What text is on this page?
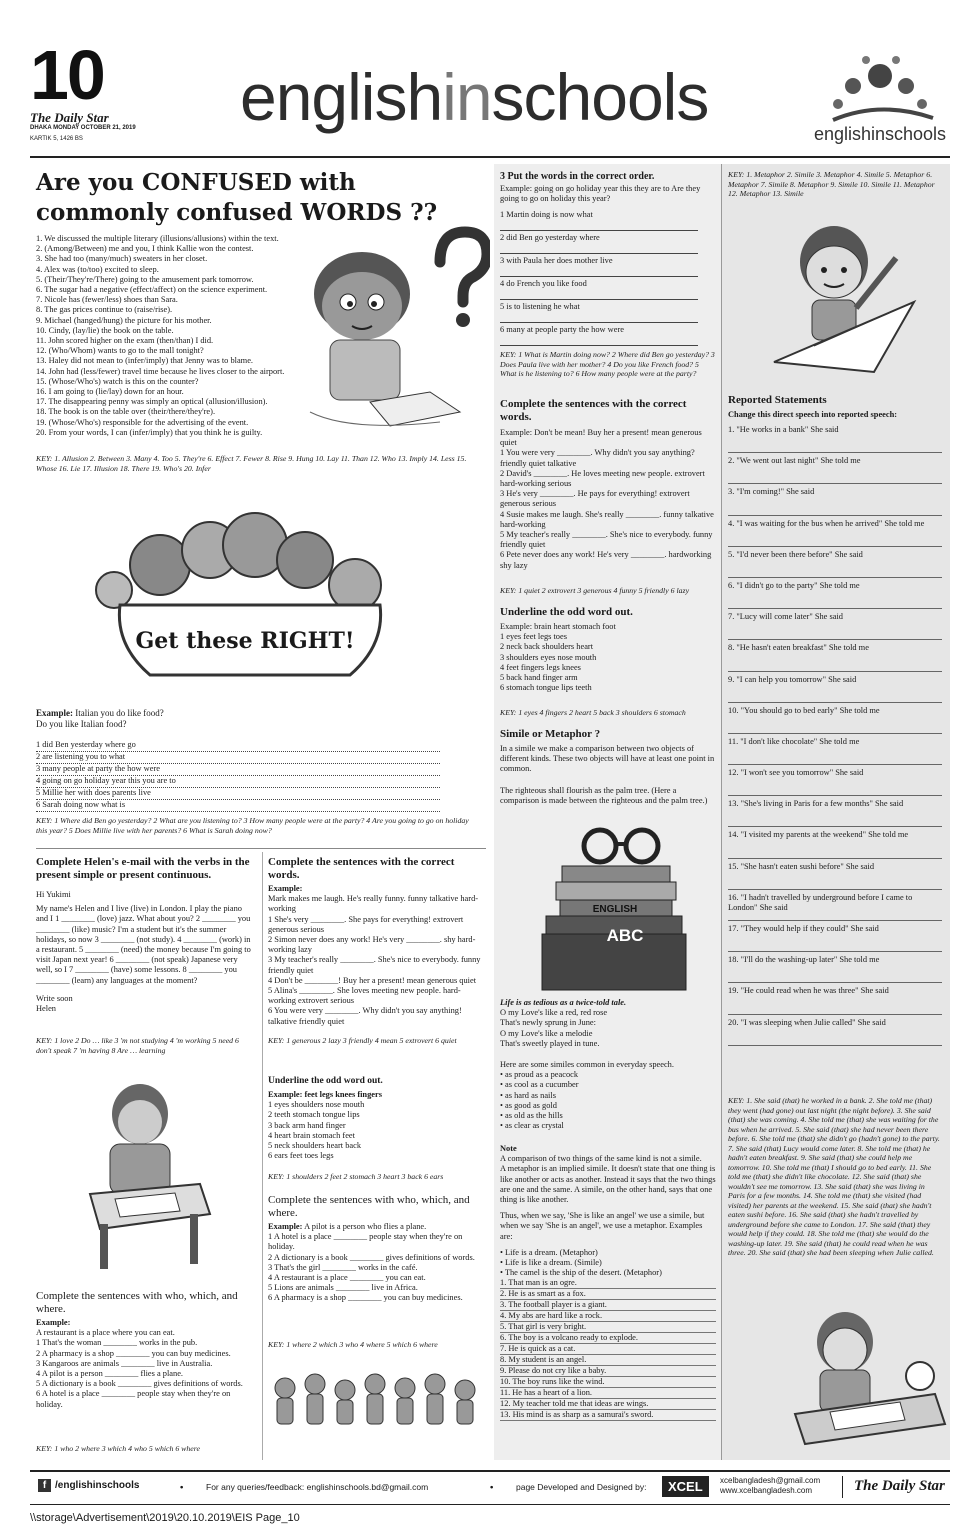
10
The Daily Star
DHAKA MONDAY OCTOBER 21, 2019
KARTIK 5, 1426 BS
englishinschools	englishinschools
Are you CONFUSED with
commonly confused WORDS ??
1. We discussed the multiple literary (illusions/allusions) within the text.
2. (Among/Between) me and you, I think Kallie won the contest.
3. She had too (many/much) sweaters in her closet.
4. Alex was (to/too) excited to sleep.
5. (Their/They're/There) going to the amusement park tomorrow.
6. The sugar had a negative (effect/affect) on the science experiment.
7. Nicole has (fewer/less) shoes than Sara.
8. The gas prices continue to (raise/rise).
9. Michael (hanged/hung) the picture for his mother.
10. Cindy, (lay/lie) the book on the table.
11. John scored higher on the exam (then/than) I did.
12. (Who/Whom) wants to go to the mall tonight?
13. Haley did not mean to (infer/imply) that Jenny was to blame.
14. John had (less/fewer) travel time because he lives closer to the airport.
15. (Whose/Who's) watch is this on the counter?
16. I am going to (lie/lay) down for an hour.
17. The disappearing penny was simply an optical (allusion/illusion).
18. The book is on the table over (their/there/they're).
19. (Whose/Who's) responsible for the advertising of the event.
20. From your words, I can (infer/imply) that you think he is guilty.
KEY: 1. Allusion 2. Between 3. Many 4. Too 5. They're 6. Effect 7. Fewer 8. Rise 9. Hung 10. Lay 11. Than 12. Who 13. Imply 14. Less 15. Whose 16. Lie 17. Illusion 18. There 19. Who's 20. Infer
Get these RIGHT!
Example: Italian you do like food?
Do you like Italian food?
1 did Ben yesterday where go
2 are listening you to what
3 many people at party the how were
4 going on go holiday year this you are to
5 Millie her with does parents live
6 Sarah doing now what is
KEY: 1 Where did Ben go yesterday? 2 What are you listening to? 3 How many people were at the party? 4 Are you going to go on holiday this year? 5 Does Millie live with her parents? 6 What is Sarah doing now?
Complete Helen's e-mail with the verbs in the present simple or present continuous.
Hi Yukimi
My name's Helen and I live (live) in London. I play the piano and I 1 ________ (love) jazz. What about you? 2 ________ you ________ (like) music? I'm a student but it's the summer holidays, so now 3 ________ (not study). 4 ________ (work) in a restaurant. 5 ________ (need) the money because I'm going to visit Japan next year! 6 ________ (not speak) Japanese very well, so I 7 ________ (have) some lessons. 8 ________ you ________ (learn) any languages at the moment?
Write soon
Helen
KEY: 1 love 2 Do … like 3 'm not studying 4 'm working 5 need 6 don't speak 7 'm having 8 Are … learning
Complete the sentences with who, which, and where.
Example:
A restaurant is a place where you can eat.
1 That's the woman ________ works in the pub.
2 A pharmacy is a shop ________ you can buy medicines.
3 Kangaroos are animals ________ live in Australia.
4 A pilot is a person ________ flies a plane.
5 A dictionary is a book ________ gives definitions of words.
6 A hotel is a place ________ people stay when they're on holiday.
KEY: 1 who 2 where 3 which 4 who 5 which 6 where
Complete the sentences with the correct words.
Example:
Mark makes me laugh. He's really funny. funny talkative hard-working
1 She's very ________. She pays for everything! extrovert generous serious
2 Simon never does any work! He's very ________. shy hard-working lazy
3 My teacher's really ________. She's nice to everybody. funny friendly quiet
4 Don't be ________! Buy her a present! mean generous quiet
5 Alina's ________. She loves meeting new people. hard-working extrovert serious
6 You were very ________. Why didn't you say anything! talkative friendly quiet
KEY: 1 generous 2 lazy 3 friendly 4 mean 5 extrovert 6 quiet
Underline the odd word out.
Example: feet legs knees fingers
1 eyes shoulders nose mouth
2 teeth stomach tongue lips
3 back arm hand finger
4 heart brain stomach feet
5 neck shoulders heart back
6 ears feet toes legs
KEY: 1 shoulders 2 feet 2 stomach 3 heart 3 back 6 ears
Complete the sentences with who, which, and where.
Example: A pilot is a person who flies a plane.
1 A hotel is a place ________ people stay when they're on holiday.
2 A dictionary is a book ________ gives definitions of words.
3 That's the girl ________ works in the café.
4 A restaurant is a place ________ you can eat.
5 Lions are animals ________ live in Africa.
6 A pharmacy is a shop ________ you can buy medicines.
KEY: 1 where 2 which 3 who 4 where 5 which 6 where
3 Put the words in the correct order.
Example: going on go holiday year this they are to Are they going to go on holiday this year?
1 Martin doing is now what
2 did Ben go yesterday where
3 with Paula her does mother live
4 do French you like food
5 is to listening he what
6 many at people party the how were
KEY: 1 What is Martin doing now? 2 Where did Ben go yesterday? 3 Does Paula live with her mother? 4 Do you like French food? 5 What is he listening to? 6 How many people were at the party?
Complete the sentences with the correct words.
Example: Don't be mean! Buy her a present! mean generous quiet
1 You were very ________. Why didn't you say anything? friendly quiet talkative
2 David's ________. He loves meeting new people. extrovert hard-working serious
3 He's very ________. He pays for everything! extrovert generous serious
4 Susie makes me laugh. She's really ________. funny talkative hard-working
5 My teacher's really ________. She's nice to everybody. funny friendly quiet
6 Pete never does any work! He's very ________. hardworking shy lazy
KEY: 1 quiet 2 extrovert 3 generous 4 funny 5 friendly 6 lazy
Underline the odd word out.
Example: brain heart stomach foot
1 eyes feet legs toes
2 neck back shoulders heart
3 shoulders eyes nose mouth
4 feet fingers legs knees
5 back hand finger arm
6 stomach tongue lips teeth
KEY: 1 eyes 4 fingers 2 heart 5 back 3 shoulders 6 stomach
Simile or Metaphor ?
In a simile we make a comparison between two objects of different kinds. These two objects will have at least one point in common.
The righteous shall flourish as the palm tree. (Here a comparison is made between the righteous and the palm tree.)
ENGLISH
ABC
Life is as tedious as a twice-told tale.
O my Love's like a red, red rose
That's newly sprung in June:
O my Love's like a melodie
That's sweetly played in tune.
Here are some similes common in everyday speech.
• as proud as a peacock
• as cool as a cucumber
• as hard as nails
• as good as gold
• as old as the hills
• as clear as crystal
Note
A comparison of two things of the same kind is not a simile.
A metaphor is an implied simile. It doesn't state that one thing is like another or acts as another. Instead it says that the two things are one and the same. A simile, on the other hand, says that one thing is like another.
Thus, when we say, 'She is like an angel' we use a simile, but when we say 'She is an angel', we use a metaphor. Examples are:
• Life is a dream. (Metaphor)
• Life is like a dream. (Simile)
• The camel is the ship of the desert. (Metaphor)
1. That man is an ogre.
2. He is as smart as a fox.
3. The football player is a giant.
4. My abs are hard like a rock.
5. That girl is very bright.
6. The boy is a volcano ready to explode.
7. He is quick as a cat.
8. My student is an angel.
9. Please do not cry like a baby.
10. The boy runs like the wind.
11. He has a heart of a lion.
12. My teacher told me that ideas are wings.
13. His mind is as sharp as a samurai's sword.
KEY: 1. Metaphor 2. Simile 3. Metaphor 4. Simile 5. Metaphor 6. Metaphor 7. Simile 8. Metaphor 9. Simile 10. Simile 11. Metaphor 12. Metaphor 13. Simile
Reported Statements
Change this direct speech into reported speech:
1. "He works in a bank" She said
2. "We went out last night" She told me
3. "I'm coming!" She said
4. "I was waiting for the bus when he arrived" She told me
5. "I'd never been there before" She said
6. "I didn't go to the party" She told me
7. "Lucy will come later" She said
8. "He hasn't eaten breakfast" She told me
9. "I can help you tomorrow" She said
10. "You should go to bed early" She told me
11. "I don't like chocolate" She told me
12. "I won't see you tomorrow" She said
13. "She's living in Paris for a few months" She said
14. "I visited my parents at the weekend" She told me
15. "She hasn't eaten sushi before" She said
16. "I hadn't travelled by underground before I came to London" She said
17. "They would help if they could" She said
18. "I'll do the washing-up later" She told me
19. "He could read when he was three" She said
20. "I was sleeping when Julie called" She said
KEY: 1. She said (that) he worked in a bank. 2. She told me (that) they went (had gone) out last night (the night before). 3. She said (that) she was coming. 4. She told me (that) she was waiting for the bus when he arrived. 5. She said (that) she had never been there before. 6. She told me (that) she didn't go (hadn't gone) to the party. 7. She said (that) Lucy would come later. 8. She told me (that) he hadn't eaten breakfast. 9. She said (that) she could help me tomorrow. 10. She told me (that) I should go to bed early. 11. She told me (that) she didn't like chocolate. 12. She said (that) she wouldn't see me tomorrow. 13. She said (that) she was living in Paris for a few months. 14. She told me (that) she visited (had visited) her parents at the weekend. 15. She said (that) she hadn't eaten sushi before. 16. She said (that) she hadn't travelled by underground before she came to London. 17. She said (that) they would help if they could. 18. She told me (that) she would do the washing-up later. 19. She said (that) he could read when he was three. 20. She said (that) she had been sleeping when Julie called.
f /englishinschools	•	For any queries/feedback: englishinschools.bd@gmail.com	•	page Developed and Designed by:	XCEL	xcelbangladesh@gmail.com
www.xcelbangladesh.com	The Daily Star
\\storage\Advertisement\2019\20.10.2019\EIS Page_10
